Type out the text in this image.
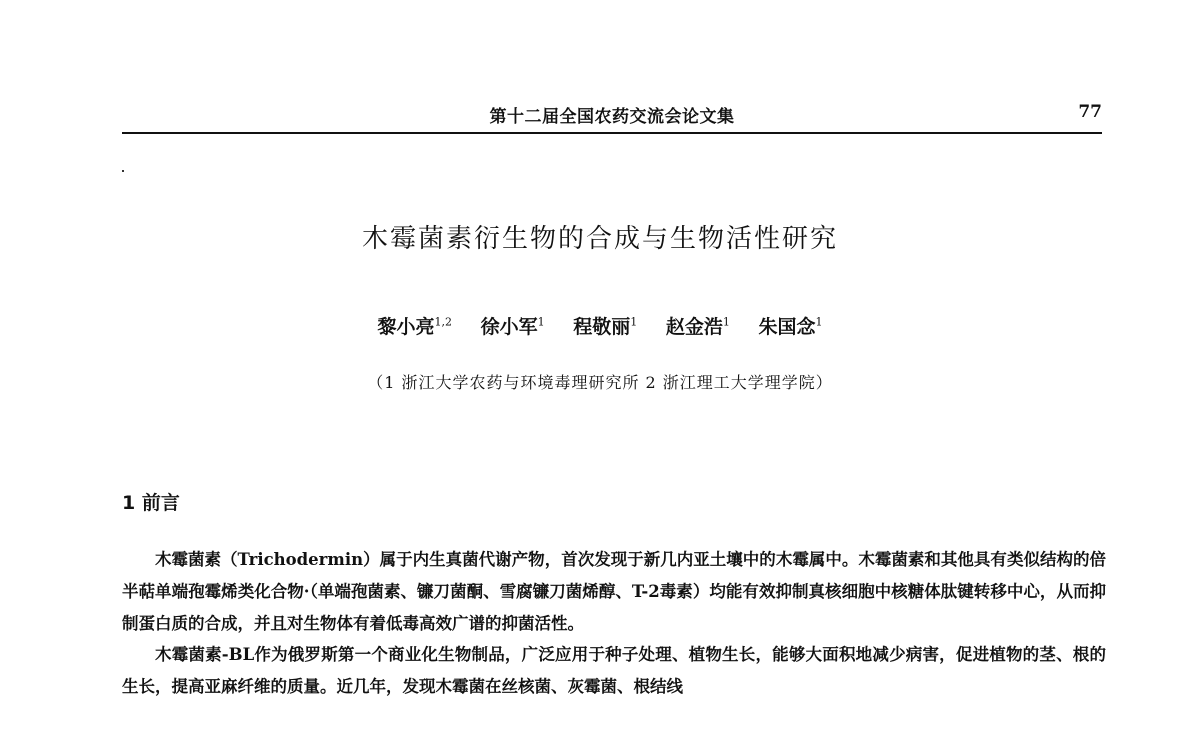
第十二届全国农药交流会论文集	77
木霉菌素衍生物的合成与生物活性研究
黎小亮$^{1,2}$ 徐小军$^1$ 程敬丽$^1$ 赵金浩$^1$ 朱国念$^1$
（1 浙江大学农药与环境毒理研究所 2 浙江理工大学理学院）
1 前言

木霉菌素（Trichodermin）属于内生真菌代谢产物，首次发现于新几内亚土壤中的木霉属中。木霉菌素和其他具有类似结构的倍半萜单端孢霉烯类化合物·（单端孢菌素、镰刀菌酮、雪腐镰刀菌烯醇、T-2毒素）均能有效抑制真核细胞中核糖体肽键转移中心，从而抑制蛋白质的合成，并且对生物体有着低毒高效广谱的抑菌活性。

木霉菌素-BL作为俄罗斯第一个商业化生物制品，广泛应用于种子处理、植物生长，能够大面积地减少病害，促进植物的茎、根的生长，提高亚麻纤维的质量。近几年，发现木霉菌在丝核菌、灰霉菌、根结线
